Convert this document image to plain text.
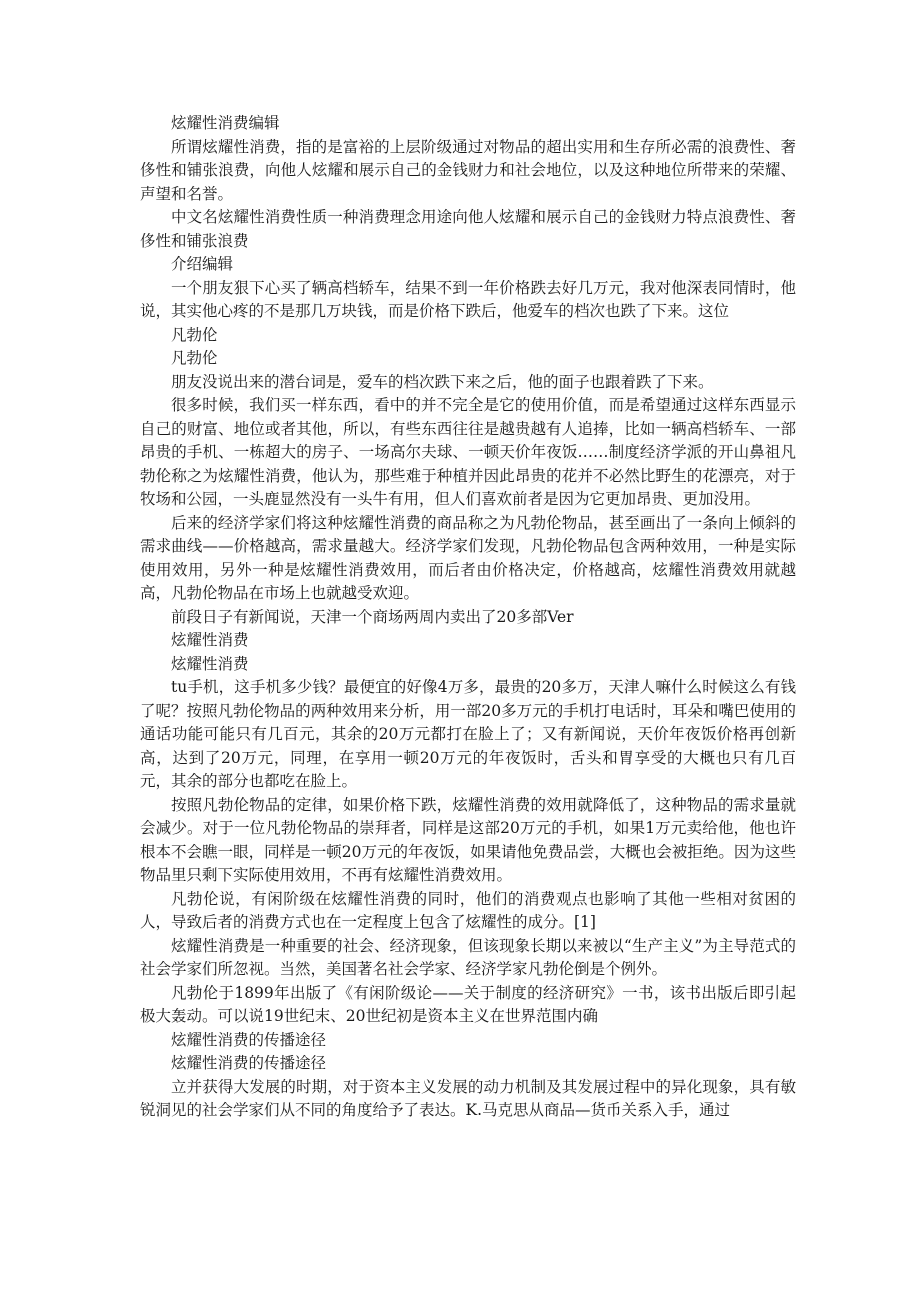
炫耀性消费编辑

所谓炫耀性消费，指的是富裕的上层阶级通过对物品的超出实用和生存所必需的浪费性、奢侈性和铺张浪费，向他人炫耀和展示自己的金钱财力和社会地位，以及这种地位所带来的荣耀、声望和名誉。

中文名炫耀性消费性质一种消费理念用途向他人炫耀和展示自己的金钱财力特点浪费性、奢侈性和铺张浪费

介绍编辑

一个朋友狠下心买了辆高档轿车，结果不到一年价格跌去好几万元，我对他深表同情时，他说，其实他心疼的不是那几万块钱，而是价格下跌后，他爱车的档次也跌了下来。这位

凡勃伦

凡勃伦

朋友没说出来的潜台词是，爱车的档次跌下来之后，他的面子也跟着跌了下来。

很多时候，我们买一样东西，看中的并不完全是它的使用价值，而是希望通过这样东西显示自己的财富、地位或者其他，所以，有些东西往往是越贵越有人追捧，比如一辆高档轿车、一部昂贵的手机、一栋超大的房子、一场高尔夫球、一顿天价年夜饭……制度经济学派的开山鼻祖凡勃伦称之为炫耀性消费，他认为，那些难于种植并因此昂贵的花并不必然比野生的花漂亮，对于牧场和公园，一头鹿显然没有一头牛有用，但人们喜欢前者是因为它更加昂贵、更加没用。

后来的经济学家们将这种炫耀性消费的商品称之为凡勃伦物品，甚至画出了一条向上倾斜的需求曲线——价格越高，需求量越大。经济学家们发现，凡勃伦物品包含两种效用，一种是实际使用效用，另外一种是炫耀性消费效用，而后者由价格决定，价格越高，炫耀性消费效用就越高，凡勃伦物品在市场上也就越受欢迎。

前段日子有新闻说，天津一个商场两周内卖出了20多部Ver

炫耀性消费

炫耀性消费

tu手机，这手机多少钱？最便宜的好像4万多，最贵的20多万，天津人嘛什么时候这么有钱了呢？按照凡勃伦物品的两种效用来分析，用一部20多万元的手机打电话时，耳朵和嘴巴使用的通话功能可能只有几百元，其余的20万元都打在脸上了；又有新闻说，天价年夜饭价格再创新高，达到了20万元，同理，在享用一顿20万元的年夜饭时，舌头和胃享受的大概也只有几百元，其余的部分也都吃在脸上。

按照凡勃伦物品的定律，如果价格下跌，炫耀性消费的效用就降低了，这种物品的需求量就会减少。对于一位凡勃伦物品的崇拜者，同样是这部20万元的手机，如果1万元卖给他，他也许根本不会瞧一眼，同样是一顿20万元的年夜饭，如果请他免费品尝，大概也会被拒绝。因为这些物品里只剩下实际使用效用，不再有炫耀性消费效用。

凡勃伦说，有闲阶级在炫耀性消费的同时，他们的消费观点也影响了其他一些相对贫困的人，导致后者的消费方式也在一定程度上包含了炫耀性的成分。[1]

炫耀性消费是一种重要的社会、经济现象，但该现象长期以来被以“生产主义”为主导范式的社会学家们所忽视。当然，美国著名社会学家、经济学家凡勃伦倒是个例外。

凡勃伦于1899年出版了《有闲阶级论——关于制度的经济研究》一书，该书出版后即引起极大轰动。可以说19世纪末、20世纪初是资本主义在世界范围内确

炫耀性消费的传播途径

炫耀性消费的传播途径

立并获得大发展的时期，对于资本主义发展的动力机制及其发展过程中的异化现象，具有敏锐洞见的社会学家们从不同的角度给予了表达。K.马克思从商品—货币关系入手，通过
